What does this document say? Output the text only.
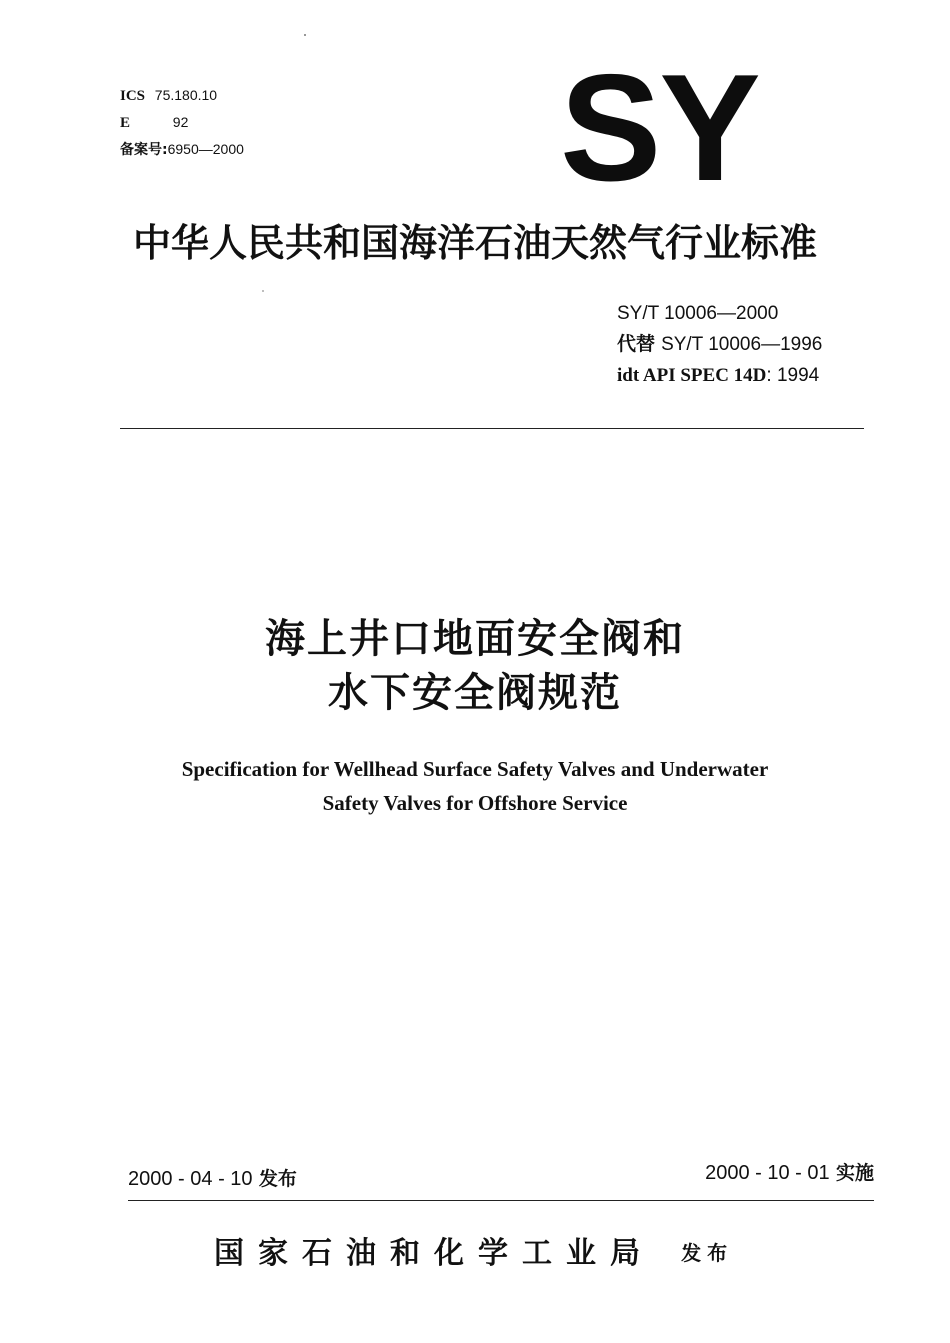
ICS 75.180.10
E	92
备案号:6950—2000 SY
中华人民共和国海洋石油天然气行业标准
SY/T 10006—2000
代替 SY/T 10006—1996
idt API SPEC 14D: 1994
海上井口地面安全阀和
水下安全阀规范
Specification for Wellhead Surface Safety Valves and Underwater
Safety Valves for Offshore Service
2000 - 04 - 10 发布	2000 - 10 - 01 实施
国家石油和化学工业局 发布
